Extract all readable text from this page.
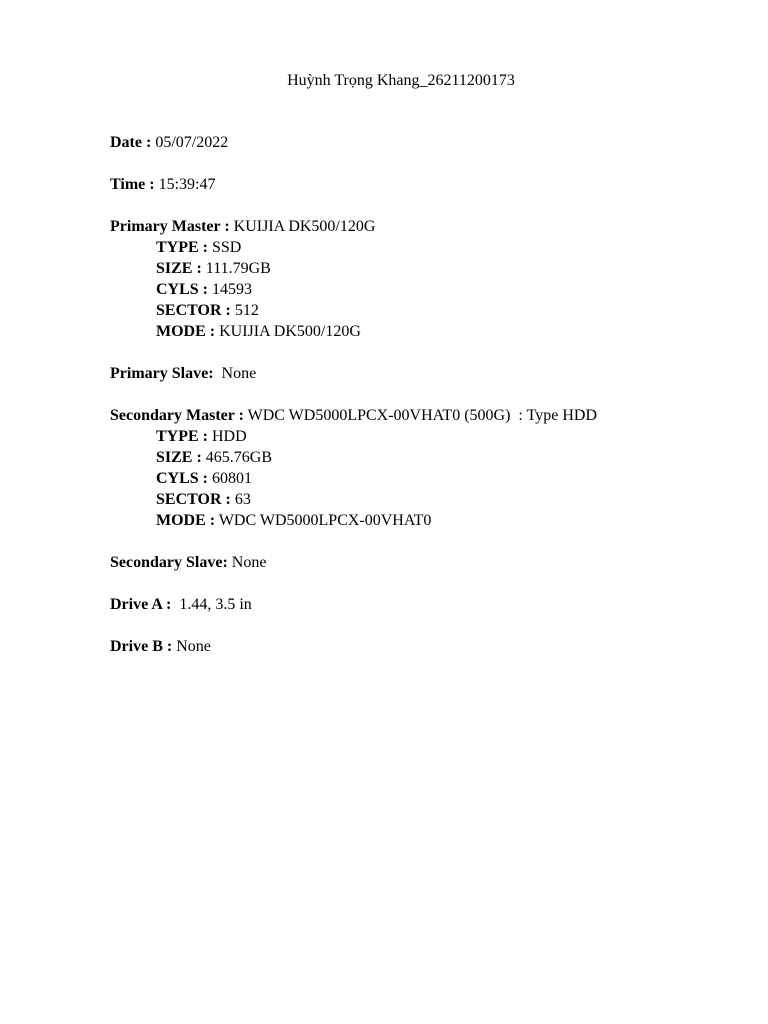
Huỳnh Trọng Khang_26211200173
Date : 05/07/2022
Time : 15:39:47
Primary Master : KUIJIA DK500/120G
TYPE : SSD
SIZE : 111.79GB
CYLS : 14593
SECTOR : 512
MODE : KUIJIA DK500/120G
Primary Slave:  None
Secondary Master : WDC WD5000LPCX-00VHAT0 (500G)  : Type HDD
TYPE : HDD
SIZE : 465.76GB
CYLS : 60801
SECTOR : 63
MODE : WDC WD5000LPCX-00VHAT0
Secondary Slave: None
Drive A :  1.44, 3.5 in
Drive B : None
